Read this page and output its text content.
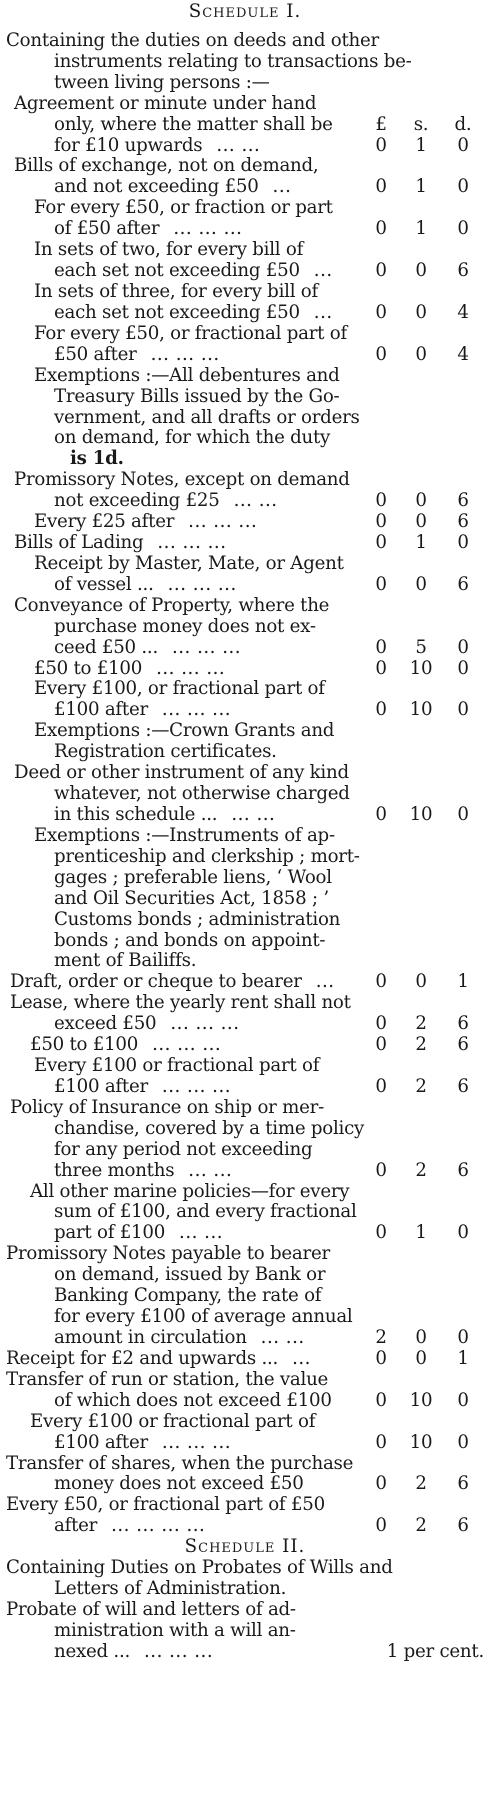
Schedule I.
Containing the duties on deeds and other
instruments relating to transactions be-
tween living persons :—
Agreement or minute under hand
only, where the matter shall be	£	s.	d.
for £10 upwards ... ...	0	1	0
Bills of exchange, not on demand,
and not exceeding £50 ...	0	1	0
For every £50, or fraction or part
of £50 after ... ... ...	0	1	0
In sets of two, for every bill of
each set not exceeding £50 ...	0	0	6
In sets of three, for every bill of
each set not exceeding £50 ...	0	0	4
For every £50, or fractional part of
£50 after ... ... ...	0	0	4
Exemptions :—All debentures and
Treasury Bills issued by the Go-
vernment, and all drafts or orders
on demand, for which the duty
is 1d.
Promissory Notes, except on demand
not exceeding £25 ... ...	0	0	6
Every £25 after ... ... ...	0	0	6
Bills of Lading ... ... ...	0	1	0
Receipt by Master, Mate, or Agent
of vessel ... ... ... ...	0	0	6
Conveyance of Property, where the
purchase money does not ex-
ceed £50 ... ... ... ...	0	5	0
£50 to £100 ... ... ...	0	10	0
Every £100, or fractional part of
£100 after ... ... ...	0	10	0
Exemptions :—Crown Grants and
Registration certificates.
Deed or other instrument of any kind
whatever, not otherwise charged
in this schedule ... ... ...	0	10	0
Exemptions :—Instruments of ap-
prenticeship and clerkship ; mort-
gages ; preferable liens, ‘ Wool
and Oil Securities Act, 1858 ; ’
Customs bonds ; administration
bonds ; and bonds on appoint-
ment of Bailiffs.
Draft, order or cheque to bearer ...	0	0	1
Lease, where the yearly rent shall not
exceed £50 ... ... ...	0	2	6
£50 to £100 ... ... ...	0	2	6
Every £100 or fractional part of
£100 after ... ... ...	0	2	6
Policy of Insurance on ship or mer-
chandise, covered by a time policy
for any period not exceeding
three months ... ...	0	2	6
All other marine policies—for every
sum of £100, and every fractional
part of £100 ... ...	0	1	0
Promissory Notes payable to bearer
on demand, issued by Bank or
Banking Company, the rate of
for every £100 of average annual
amount in circulation ... ...	2	0	0
Receipt for £2 and upwards ... ...	0	0	1
Transfer of run or station, the value
of which does not exceed £100	0	10	0
Every £100 or fractional part of
£100 after ... ... ...	0	10	0
Transfer of shares, when the purchase
money does not exceed £50	0	2	6
Every £50, or fractional part of £50
after ... ... ... ...	0	2	6
Schedule II.
Containing Duties on Probates of Wills and
Letters of Administration.
Probate of will and letters of ad-
ministration with a will an-
nexed ... ... ... ...	1 per cent.
